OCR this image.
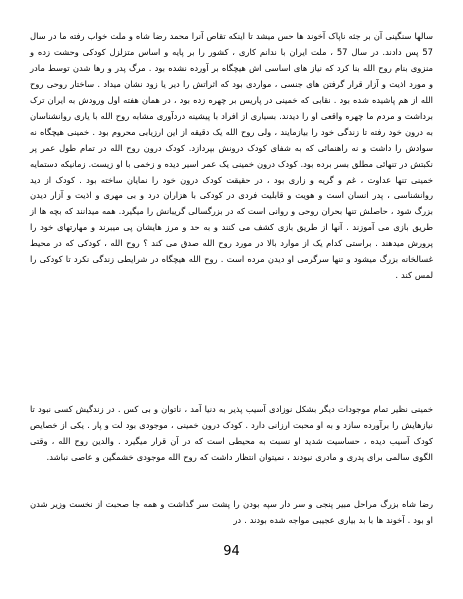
سالها سنگینی آن بر جثه ناپاک آخوند ها حس میشد تا اینکه تقاص آنرا محمد رضا شاه و ملت خواب رفته ما در سال 57 پس دادند. در سال 57 ، ملت ایران با ندانم کاری ، کشور را بر پایه و اساس متزلزل کودکی وحشت زده و منزوی بنام روح الله بنا کرد که نیاز های اساسی اش هیچگاه بر آورده نشده بود . مرگ پدر و رها شدن توسط مادر و مورد اذیت و آزار قرار گرفتن های جنسی ، مواردی بود که اثراتش را دیر یا زود نشان میداد . ساختار روحی روح الله از هم پاشیده شده بود . نقابی که خمینی در پاریس بر چهره زده بود ، در همان هفته اول ورودش به ایران ترک برداشت و مردم ما چهره واقعی او را دیدند. بسیاری از افراد با پیشینه دردآوری مشابه روح الله با یاری روانشناسان به درون خود رفته تا زندگی خود را بیازمایند ، ولی روح الله یک دقیقه از این ارزیابی محروم بود . خمینی هیچگاه نه سوادش را داشت و نه راهنمائی که به شفای کودک درونش بپردازد. کودک درون روح الله در تمام طول عمر پر نکبتش در تنهائی مطلق بسر برده بود. کودک درون خمینی یک عمر اسیر دیده و زخمی با او زیست. زمانیکه دستمایه خمینی تنها عداوت ، غم و گریه و زاری بود ، در حقیقت کودک درون خود را نمایان ساخته بود . کودک از دید روانشناسی ، پدر انسان است و هویت و قابلیت فردی در کودکی با هزاران درد و بی مهری و اذیت و آزار دیدن بزرگ شود ، حاصلش تنها بحران روحی و روانی است که در بزرگسالی گریبانش را میگیرد. همه میدانند که بچه ها از طریق بازی می آموزند . آنها از طریق بازی کشف می کنند و به حد و مرز هایشان پی میبرند و مهارتهای خود را پرورش میدهند . براستی کدام یک از موارد بالا در مورد روح الله صدق می کند ؟ روح الله ، کودکی که در محیط غسالخانه بزرگ میشود و تنها سرگرمی او دیدن مرده است . روح الله هیچگاه در شرایطی زندگی نکرد تا کودکی را لمس کند .

خمینی نظیر تمام موجودات دیگر بشکل نوزادی آسیب پذیر به دنیا آمد ، ناتوان و بی کس . در زندگیش کسی نبود تا نیازهایش را برآورده سازد و به او محبت ارزانی دارد . کودک درون خمینی ، موجودی بود لت و پار . یکی از خصایص کودک آسیب دیده ، حساسیت شدید او نسبت به محیطی است که در آن قرار میگیرد . والدین روح الله ، وقتی الگوی سالمی برای پدری و مادری نبودند ، نمیتوان انتظار داشت که روح الله موجودی خشمگین و عاصی نباشد.

رضا شاه بزرگ مراحل مبیر پنجی و سر دار سپه بودن را پشت سر گذاشت و همه جا صحبت از نخست وزیر شدن او بود . آخوند ها با بد بیاری عجیبی مواجه شده بودند . در

94
